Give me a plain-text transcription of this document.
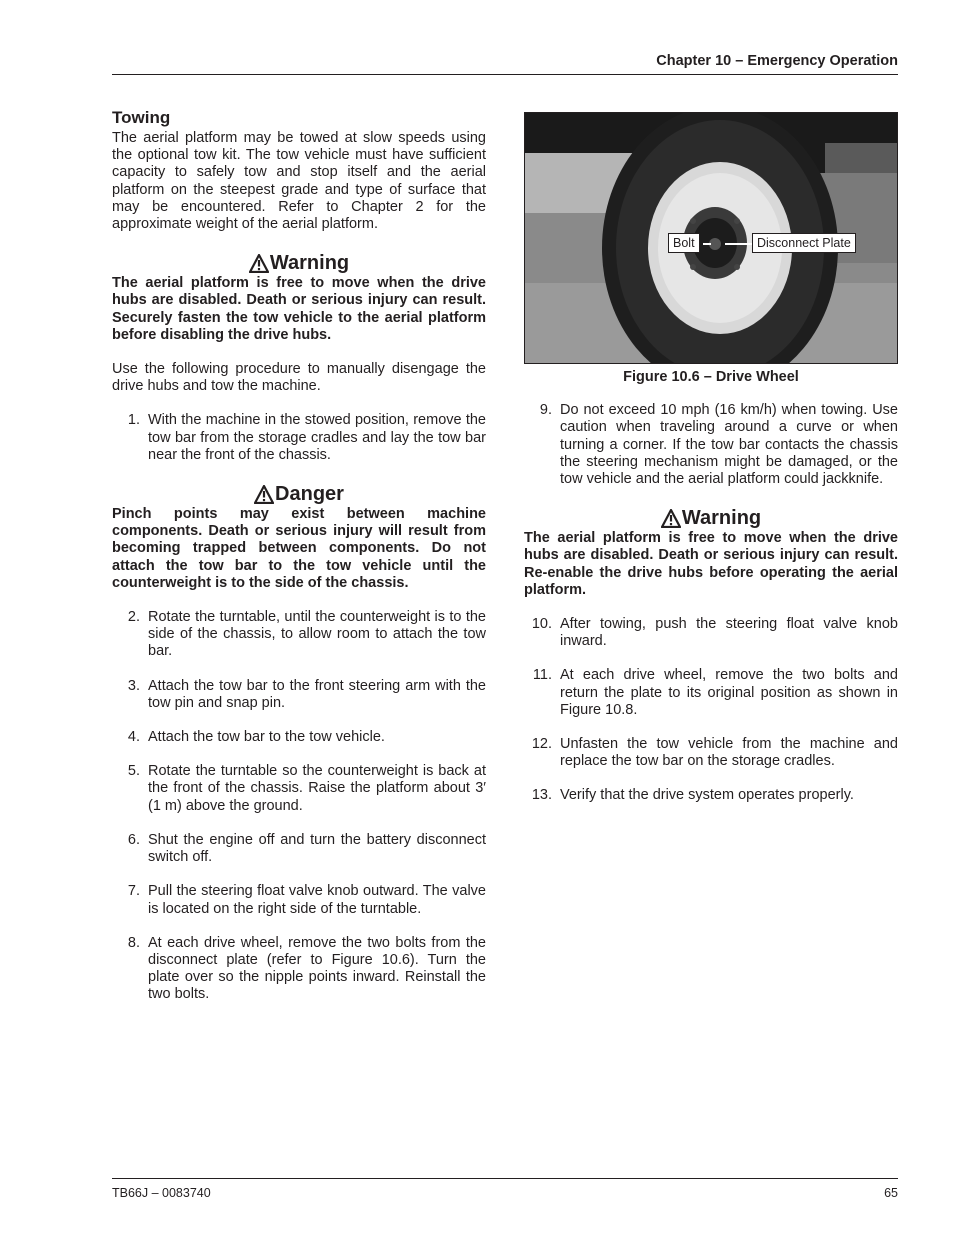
Chapter 10 – Emergency Operation
Towing

The aerial platform may be towed at slow speeds using the optional tow kit. The tow vehicle must have sufficient capacity to safely tow and stop itself and the aerial platform on the steepest grade and type of surface that may be encountered. Refer to Chapter 2 for the approximate weight of the aerial platform.

Warning

The aerial platform is free to move when the drive hubs are disabled. Death or serious injury can result. Securely fasten the tow vehicle to the aerial platform before disabling the drive hubs.

Use the following procedure to manually disengage the drive hubs and tow the machine.

1. With the machine in the stowed position, remove the tow bar from the storage cradles and lay the tow bar near the front of the chassis.
Danger

Pinch points may exist between machine components. Death or serious injury will result from becoming trapped between components. Do not attach the tow bar to the tow vehicle until the counterweight is to the side of the chassis.

2. Rotate the turntable, until the counterweight is to the side of the chassis, to allow room to attach the tow bar.
3. Attach the tow bar to the front steering arm with the tow pin and snap pin.
4. Attach the tow bar to the tow vehicle.
5. Rotate the turntable so the counterweight is back at the front of the chassis. Raise the platform about 3′ (1 m) above the ground.
6. Shut the engine off and turn the battery disconnect switch off.
7. Pull the steering float valve knob outward. The valve is located on the right side of the turntable.
8. At each drive wheel, remove the two bolts from the disconnect plate (refer to Figure 10.6). Turn the plate over so the nipple points inward. Reinstall the two bolts.
Bolt	Disconnect Plate
Figure 10.6 – Drive Wheel
9. Do not exceed 10 mph (16 km/h) when towing. Use caution when traveling around a curve or when turning a corner. If the tow bar contacts the chassis the steering mechanism might be damaged, or the tow vehicle and the aerial platform could jackknife.
Warning

The aerial platform is free to move when the drive hubs are disabled. Death or serious injury can result. Re-enable the drive hubs before operating the aerial platform.

10. After towing, push the steering float valve knob inward.
11. At each drive wheel, remove the two bolts and return the plate to its original position as shown in Figure 10.8.
12. Unfasten the tow vehicle from the machine and replace the tow bar on the storage cradles.
13. Verify that the drive system operates properly.
TB66J – 0083740	65
